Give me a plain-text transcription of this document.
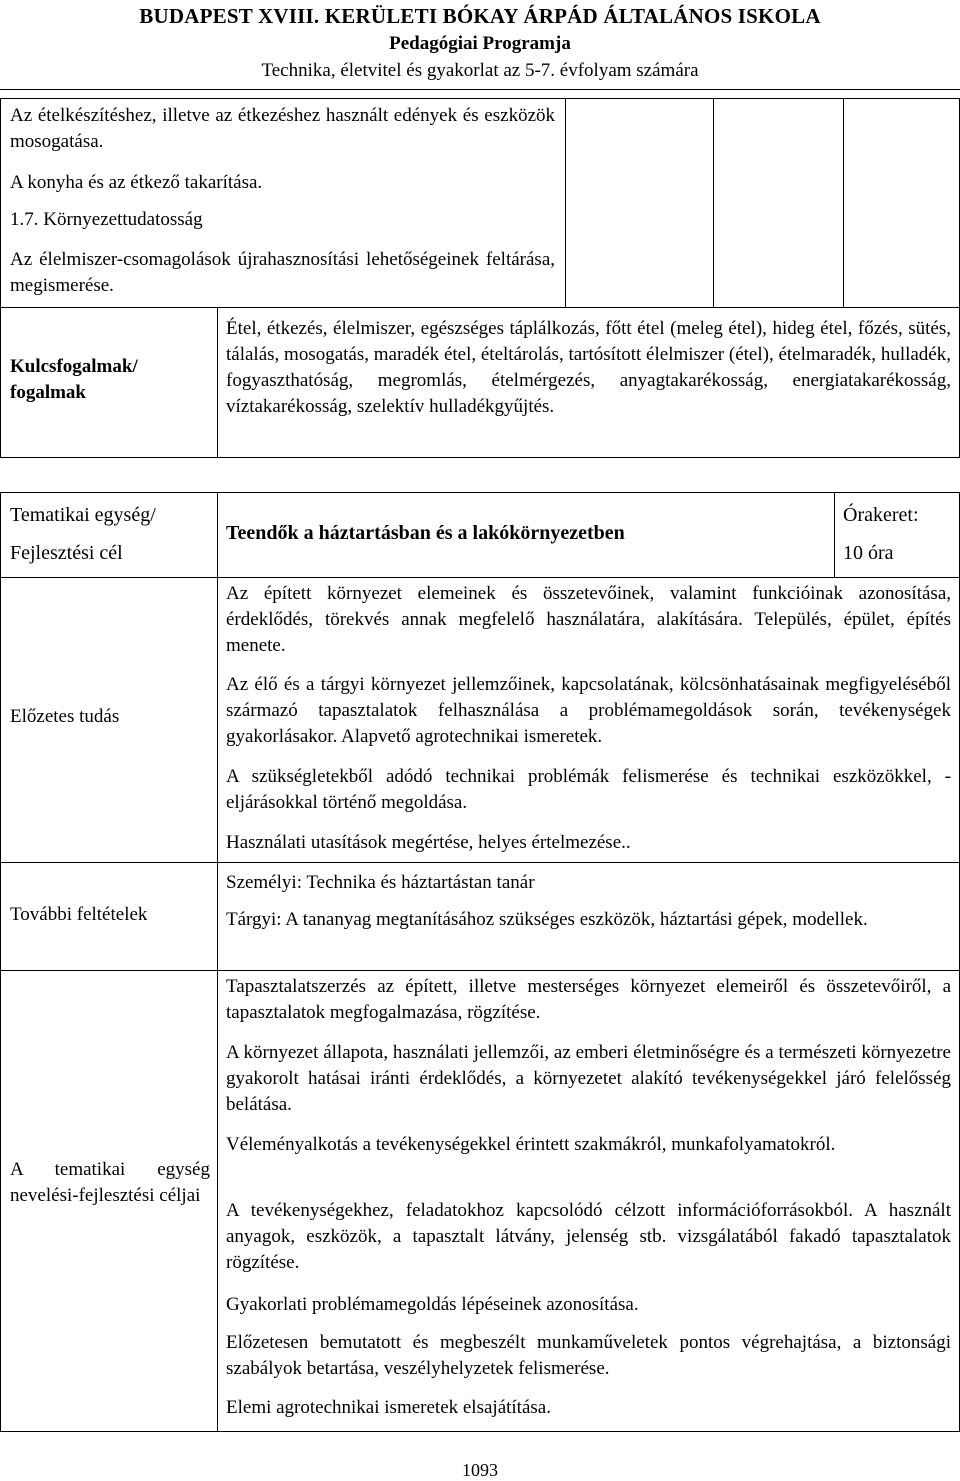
BUDAPEST XVIII. KERÜLETI BÓKAY ÁRPÁD ÁLTALÁNOS ISKOLA
Pedagógiai Programja
Technika, életvitel és gyakorlat az 5-7. évfolyam számára
Az ételkészítéshez, illetve az étkezéshez használt edények és eszközök mosogatása.
A konyha és az étkező takarítása.
1.7. Környezettudatosság
Az élelmiszer-csomagolások újrahasznosítási lehetőségeinek feltárása, megismerése.
Kulcsfogalmak/ fogalmak
Étel, étkezés, élelmiszer, egészséges táplálkozás, főtt étel (meleg étel), hideg étel, főzés, sütés, tálalás, mosogatás, maradék étel, ételtárolás, tartósított élelmiszer (étel), ételmaradék, hulladék, fogyaszthatóság, megromlás, ételmérgezés, anyagtakarékosság, energiatakarékosság, víztakarékosság, szelektív hulladékgyűjtés.
Tematikai egység/
Fejlesztési cél
Teendők a háztartásban és a lakókörnyezetben
Órakeret:
10 óra
Előzetes tudás
Az épített környezet elemeinek és összetevőinek, valamint funkcióinak azonosítása, érdeklődés, törekvés annak megfelelő használatára, alakítására. Település, épület, építés menete.
Az élő és a tárgyi környezet jellemzőinek, kapcsolatának, kölcsönhatásainak megfigyeléséből származó tapasztalatok felhasználása a problémamegoldások során, tevékenységek gyakorlásakor. Alapvető agrotechnikai ismeretek.
A szükségletekből adódó technikai problémák felismerése és technikai eszközökkel, -eljárásokkal történő megoldása.
Használati utasítások megértése, helyes értelmezése..
További feltételek
Személyi: Technika és háztartástan tanár
Tárgyi: A tananyag megtanításához szükséges eszközök, háztartási gépek, modellek.
A tematikai egység nevelési-fejlesztési céljai
Tapasztalatszerzés az épített, illetve mesterséges környezet elemeiről és összetevőiről, a tapasztalatok megfogalmazása, rögzítése.
A környezet állapota, használati jellemzői, az emberi életminőségre és a természeti környezetre gyakorolt hatásai iránti érdeklődés, a környezetet alakító tevékenységekkel járó felelősség belátása.
Véleményalkotás a tevékenységekkel érintett szakmákról, munkafolyamatokról.
A tevékenységekhez, feladatokhoz kapcsolódó célzott információforrásokból. A használt anyagok, eszközök, a tapasztalt látvány, jelenség stb. vizsgálatából fakadó tapasztalatok rögzítése.
Gyakorlati problémamegoldás lépéseinek azonosítása.
Előzetesen bemutatott és megbeszélt munkaműveletek pontos végrehajtása, a biztonsági szabályok betartása, veszélyhelyzetek felismerése.
Elemi agrotechnikai ismeretek elsajátítása.
1093
